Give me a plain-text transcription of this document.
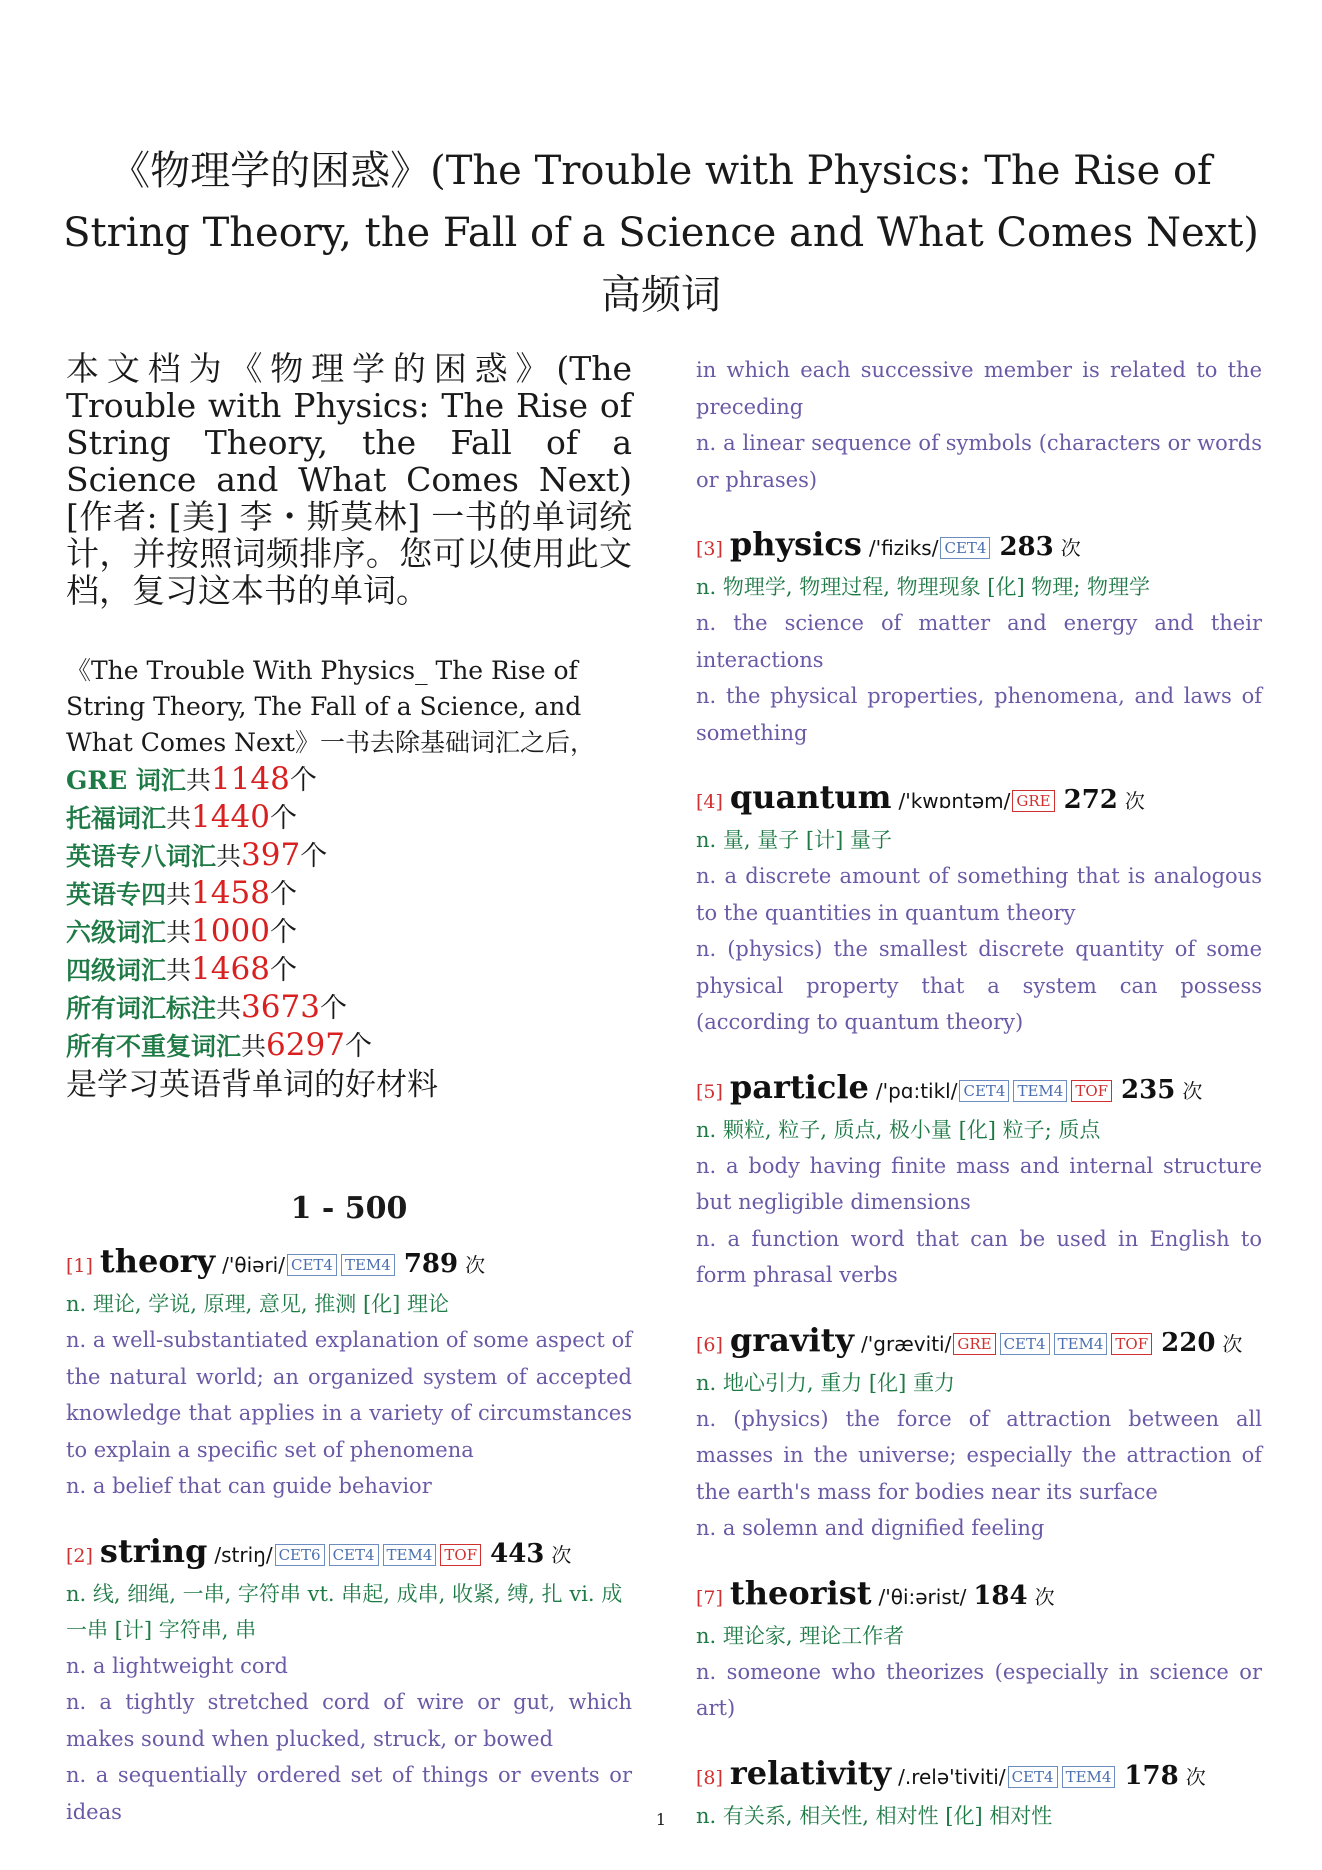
《物理学的困惑》(The Trouble with Physics: The Rise of String Theory, the Fall of a Science and What Comes Next) 高频词

本文档为《物理学的困惑》(The Trouble with Physics: The Rise of String Theory, the Fall of a Science and What Comes Next)[作者: [美] 李・斯莫林] 一书的单词统计，并按照词频排序。您可以使用此文档，复习这本书的单词。

《The Trouble With Physics_ The Rise of String Theory, The Fall of a Science, and What Comes Next》一书去除基础词汇之后，
GRE 词汇共1148个
托福词汇共1440个
英语专八词汇共397个
英语专四共1458个
六级词汇共1000个
四级词汇共1468个
所有词汇标注共3673个
所有不重复词汇共6297个
是学习英语背单词的好材料
1 - 500
[1] theory /'θiəri/ CET4 TEM4 789 次
n. 理论, 学说, 原理, 意见, 推测 [化] 理论
n. a well-substantiated explanation of some aspect of the natural world; an organized system of accepted knowledge that applies in a variety of circumstances to explain a specific set of phenomena
n. a belief that can guide behavior
[2] string /striŋ/ CET6 CET4 TEM4 TOF 443 次
n. 线, 细绳, 一串, 字符串 vt. 串起, 成串, 收紧, 缚, 扎 vi. 成一串 [计] 字符串, 串
n. a lightweight cord
n. a tightly stretched cord of wire or gut, which makes sound when plucked, struck, or bowed
n. a sequentially ordered set of things or events or ideas
in which each successive member is related to the preceding
n. a linear sequence of symbols (characters or words or phrases)
[3] physics /'fiziks/ CET4 283 次
n. 物理学, 物理过程, 物理现象 [化] 物理; 物理学
n. the science of matter and energy and their interactions
n. the physical properties, phenomena, and laws of something
[4] quantum /'kwɒntəm/ GRE 272 次
n. 量, 量子 [计] 量子
n. a discrete amount of something that is analogous to the quantities in quantum theory
n. (physics) the smallest discrete quantity of some physical property that a system can possess (according to quantum theory)
[5] particle /'pɑ:tikl/ CET4 TEM4 TOF 235 次
n. 颗粒, 粒子, 质点, 极小量 [化] 粒子; 质点
n. a body having finite mass and internal structure but negligible dimensions
n. a function word that can be used in English to form phrasal verbs
[6] gravity /'græviti/ GRE CET4 TEM4 TOF 220 次
n. 地心引力, 重力 [化] 重力
n. (physics) the force of attraction between all masses in the universe; especially the attraction of the earth's mass for bodies near its surface
n. a solemn and dignified feeling
[7] theorist /'θi:ərist/ 184 次
n. 理论家, 理论工作者
n. someone who theorizes (especially in science or art)
[8] relativity /.relə'tiviti/ CET4 TEM4 178 次
n. 有关系, 相关性, 相对性 [化] 相对性
1
